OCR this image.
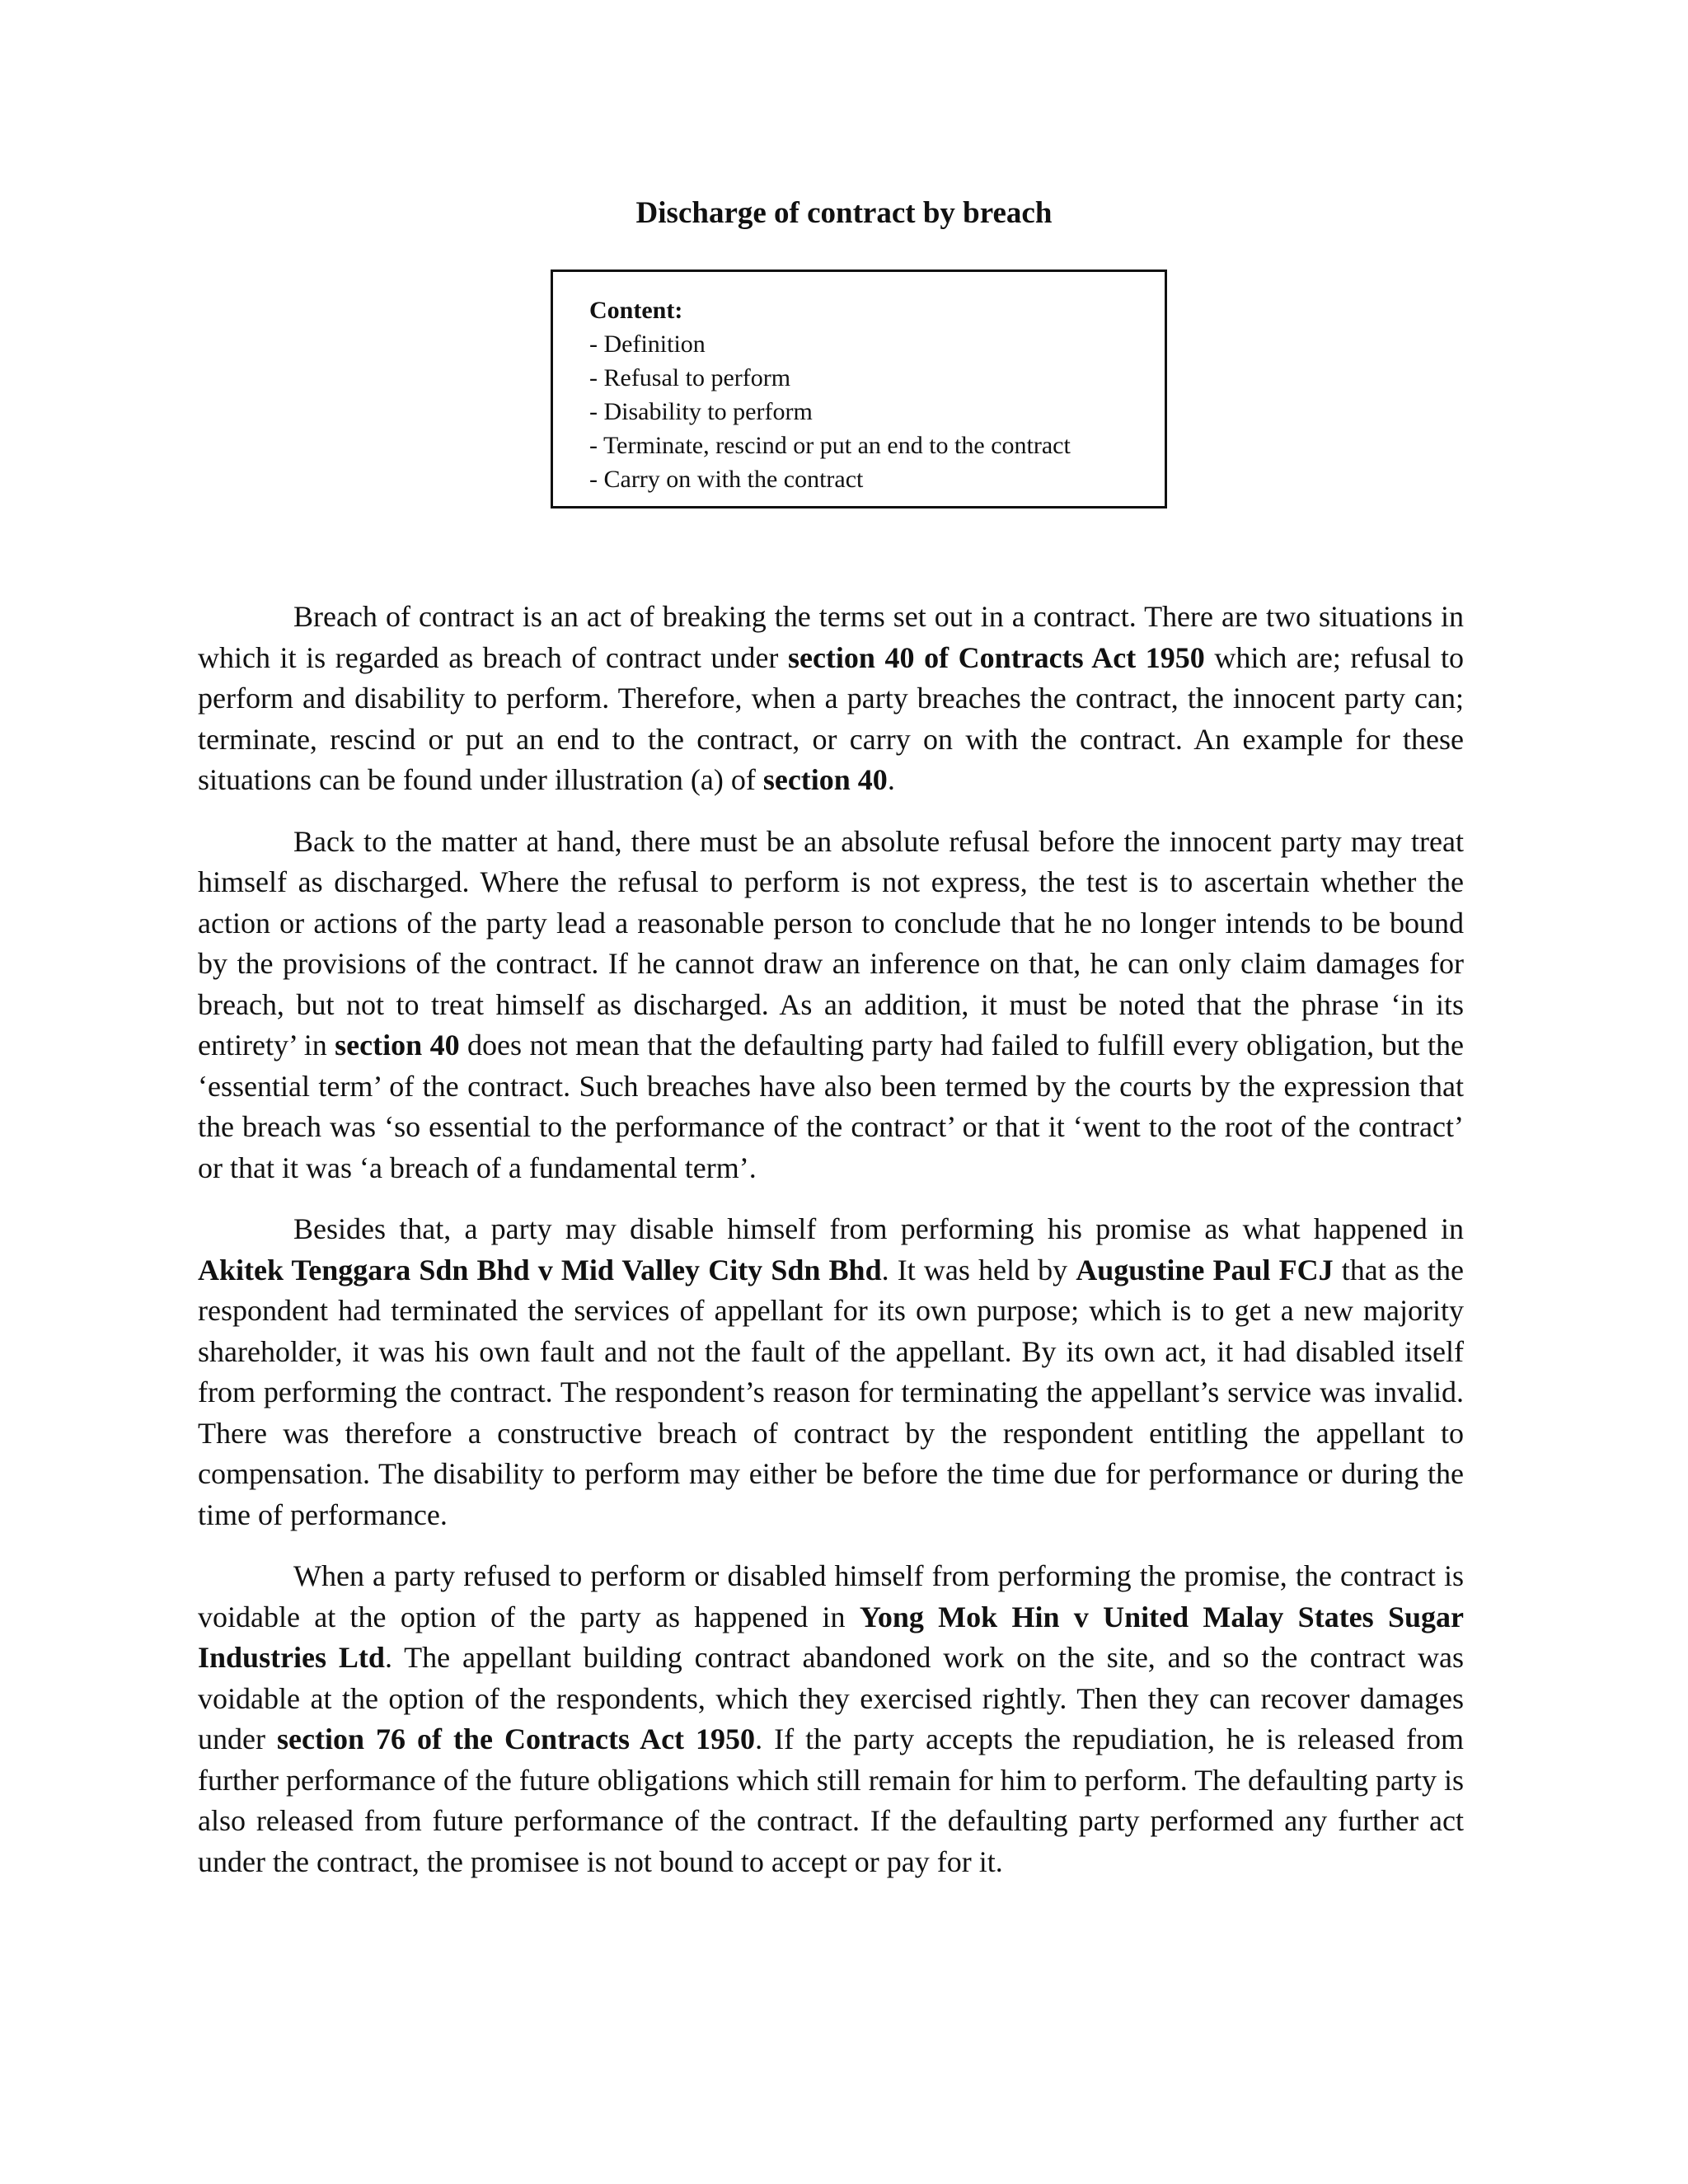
Discharge of contract by breach
Content:
- Definition
- Refusal to perform
- Disability to perform
- Terminate, rescind or put an end to the contract
- Carry on with the contract

Breach of contract is an act of breaking the terms set out in a contract. There are two situations in which it is regarded as breach of contract under section 40 of Contracts Act 1950 which are; refusal to perform and disability to perform. Therefore, when a party breaches the contract, the innocent party can; terminate, rescind or put an end to the contract, or carry on with the contract. An example for these situations can be found under illustration (a) of section 40.

Back to the matter at hand, there must be an absolute refusal before the innocent party may treat himself as discharged. Where the refusal to perform is not express, the test is to ascertain whether the action or actions of the party lead a reasonable person to conclude that he no longer intends to be bound by the provisions of the contract. If he cannot draw an inference on that, he can only claim damages for breach, but not to treat himself as discharged. As an addition, it must be noted that the phrase ‘in its entirety’ in section 40 does not mean that the defaulting party had failed to fulfill every obligation, but the ‘essential term’ of the contract. Such breaches have also been termed by the courts by the expression that the breach was ‘so essential to the performance of the contract’ or that it ‘went to the root of the contract’ or that it was ‘a breach of a fundamental term’.

Besides that, a party may disable himself from performing his promise as what happened in Akitek Tenggara Sdn Bhd v Mid Valley City Sdn Bhd. It was held by Augustine Paul FCJ that as the respondent had terminated the services of appellant for its own purpose; which is to get a new majority shareholder, it was his own fault and not the fault of the appellant. By its own act, it had disabled itself from performing the contract. The respondent’s reason for terminating the appellant’s service was invalid. There was therefore a constructive breach of contract by the respondent entitling the appellant to compensation. The disability to perform may either be before the time due for performance or during the time of performance.

When a party refused to perform or disabled himself from performing the promise, the contract is voidable at the option of the party as happened in Yong Mok Hin v United Malay States Sugar Industries Ltd. The appellant building contract abandoned work on the site, and so the contract was voidable at the option of the respondents, which they exercised rightly. Then they can recover damages under section 76 of the Contracts Act 1950. If the party accepts the repudiation, he is released from further performance of the future obligations which still remain for him to perform. The defaulting party is also released from future performance of the contract. If the defaulting party performed any further act under the contract, the promisee is not bound to accept or pay for it.
